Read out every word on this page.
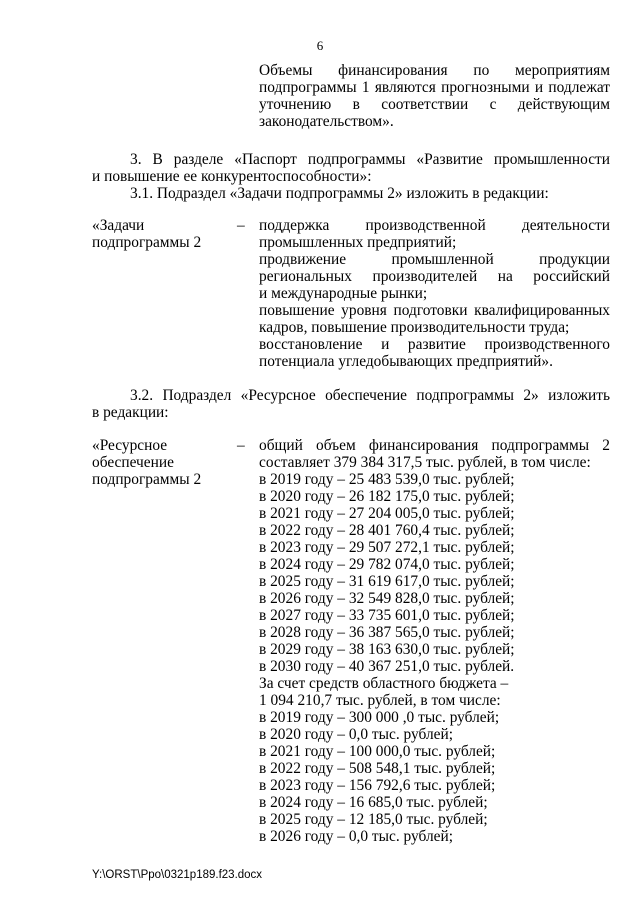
6
Объемы финансирования по мероприятиям
подпрограммы 1 являются прогнозными и подлежат
уточнению в соответствии с действующим
законодательством».
3. В разделе «Паспорт подпрограммы «Развитие промышленности
и повышение ее конкурентоспособности»:
3.1. Подраздел «Задачи подпрограммы 2» изложить в редакции:
«Задачи
подпрограммы 2
– поддержка производственной деятельности
промышленных предприятий;
продвижение промышленной продукции
региональных производителей на российский
и международные рынки;
повышение уровня подготовки квалифицированных
кадров, повышение производительности труда;
восстановление и развитие производственного
потенциала угледобывающих предприятий».
3.2. Подраздел «Ресурсное обеспечение подпрограммы 2» изложить
в редакции:
«Ресурсное
обеспечение
подпрограммы 2
– общий объем финансирования подпрограммы 2
составляет 379 384 317,5 тыс. рублей, в том числе:
в 2019 году – 25 483 539,0 тыс. рублей;
в 2020 году – 26 182 175,0 тыс. рублей;
в 2021 году – 27 204 005,0 тыс. рублей;
в 2022 году – 28 401 760,4 тыс. рублей;
в 2023 году – 29 507 272,1 тыс. рублей;
в 2024 году – 29 782 074,0 тыс. рублей;
в 2025 году – 31 619 617,0 тыс. рублей;
в 2026 году – 32 549 828,0 тыс. рублей;
в 2027 году – 33 735 601,0 тыс. рублей;
в 2028 году – 36 387 565,0 тыс. рублей;
в 2029 году – 38 163 630,0 тыс. рублей;
в 2030 году – 40 367 251,0 тыс. рублей.
За счет средств областного бюджета –
1 094 210,7 тыс. рублей, в том числе:
в 2019 году – 300 000 ,0 тыс. рублей;
в 2020 году – 0,0 тыс. рублей;
в 2021 году – 100 000,0 тыс. рублей;
в 2022 году – 508 548,1 тыс. рублей;
в 2023 году – 156 792,6 тыс. рублей;
в 2024 году – 16 685,0 тыс. рублей;
в 2025 году – 12 185,0 тыс. рублей;
в 2026 году – 0,0 тыс. рублей;
Y:\ORST\Ppo\0321p189.f23.docx
